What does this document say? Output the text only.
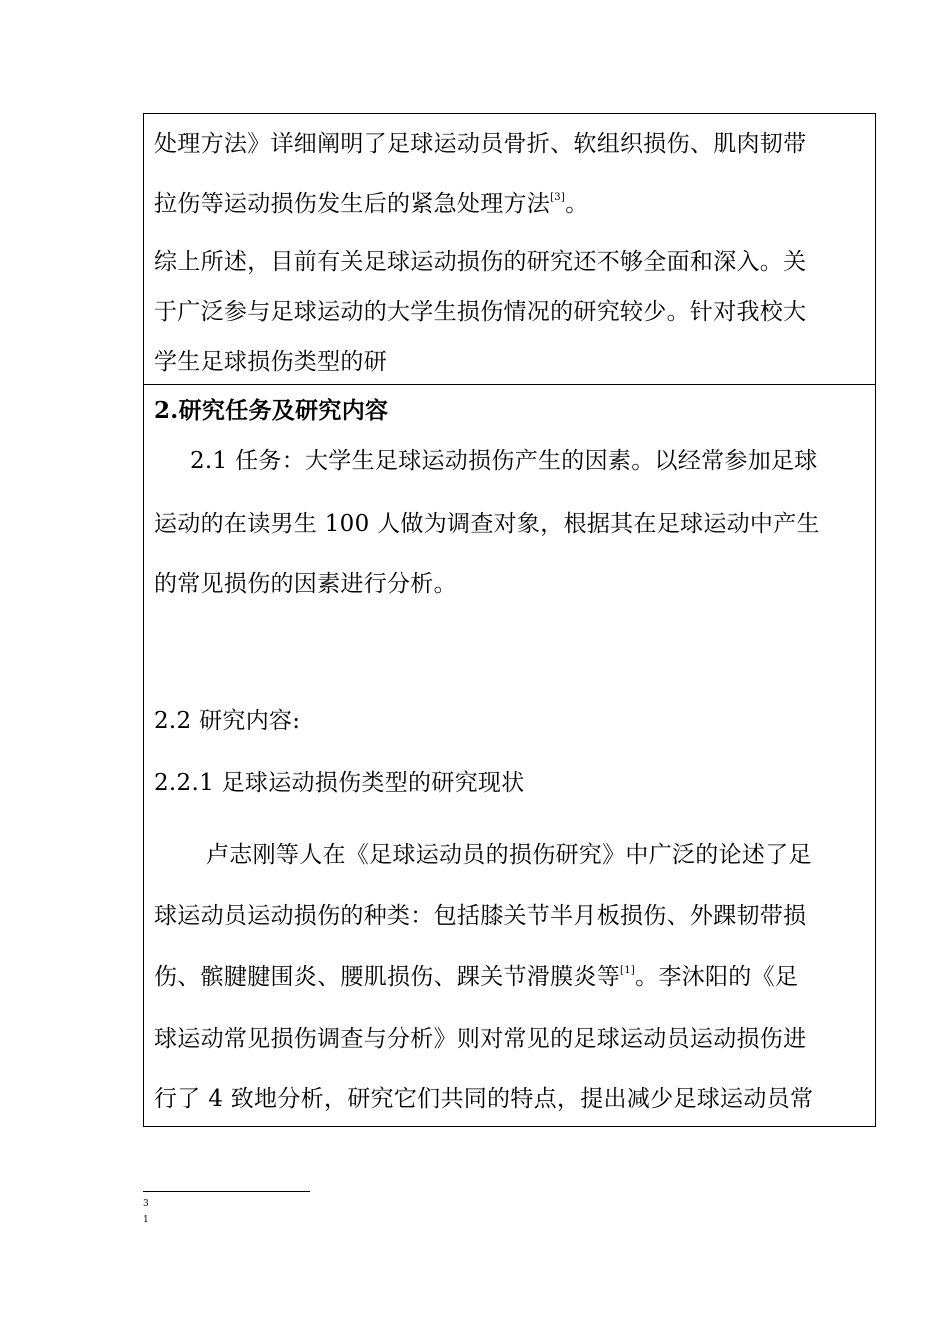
处理方法》详细阐明了足球运动员骨折、软组织损伤、肌肉韧带
拉伤等运动损伤发生后的紧急处理方法[3]。
综上所述，目前有关足球运动损伤的研究还不够全面和深入。关
于广泛参与足球运动的大学生损伤情况的研究较少。针对我校大
学生足球损伤类型的研
2.研究任务及研究内容
2.1 任务：大学生足球运动损伤产生的因素。以经常参加足球
运动的在读男生 100 人做为调查对象，根据其在足球运动中产生
的常见损伤的因素进行分析。
2.2 研究内容:
2.2.1 足球运动损伤类型的研究现状
卢志刚等人在《足球运动员的损伤研究》中广泛的论述了足
球运动员运动损伤的种类：包括膝关节半月板损伤、外踝韧带损
伤、髌腱腱围炎、腰肌损伤、踝关节滑膜炎等[1]。李沐阳的《足
球运动常见损伤调查与分析》则对常见的足球运动员运动损伤进
行了 4 致地分析，研究它们共同的特点，提出减少足球运动员常
3
1
